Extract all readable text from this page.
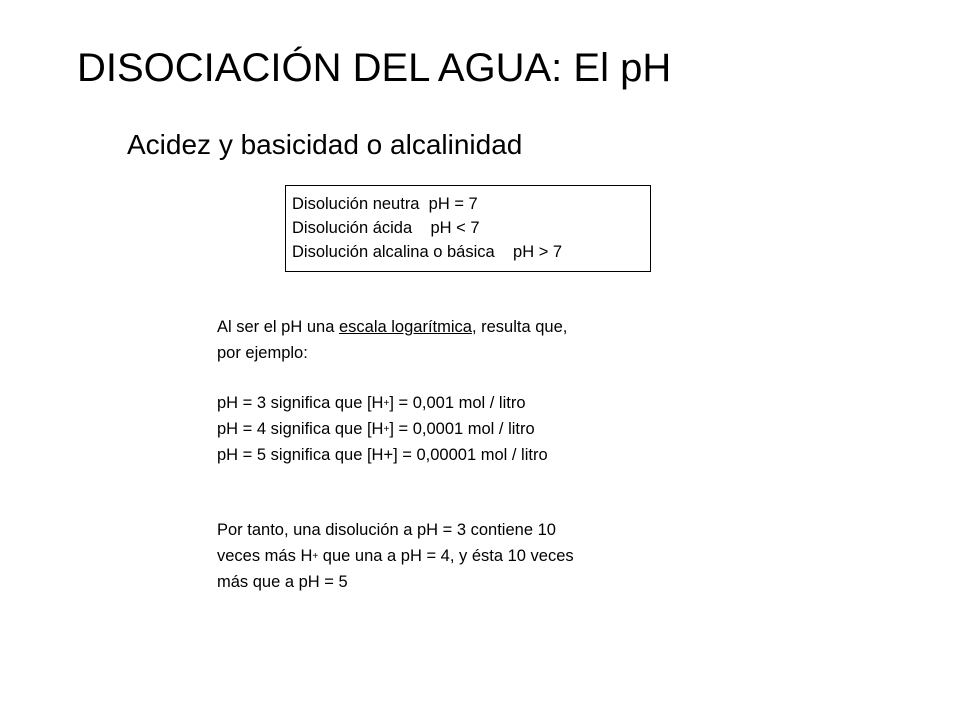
DISOCIACIÓN DEL AGUA: El pH
Acidez y basicidad o alcalinidad
Disolución neutra  pH = 7
Disolución ácida    pH < 7
Disolución alcalina o básica    pH > 7
Al ser el pH una escala logarítmica, resulta que,
por ejemplo:
pH = 3 significa que [H+] = 0,001 mol / litro
pH = 4 significa que [H+] = 0,0001 mol / litro
pH = 5 significa que [H+] = 0,00001 mol / litro
Por tanto, una disolución a pH = 3 contiene 10
veces más H+ que una a pH = 4, y ésta 10 veces
más que a pH = 5
